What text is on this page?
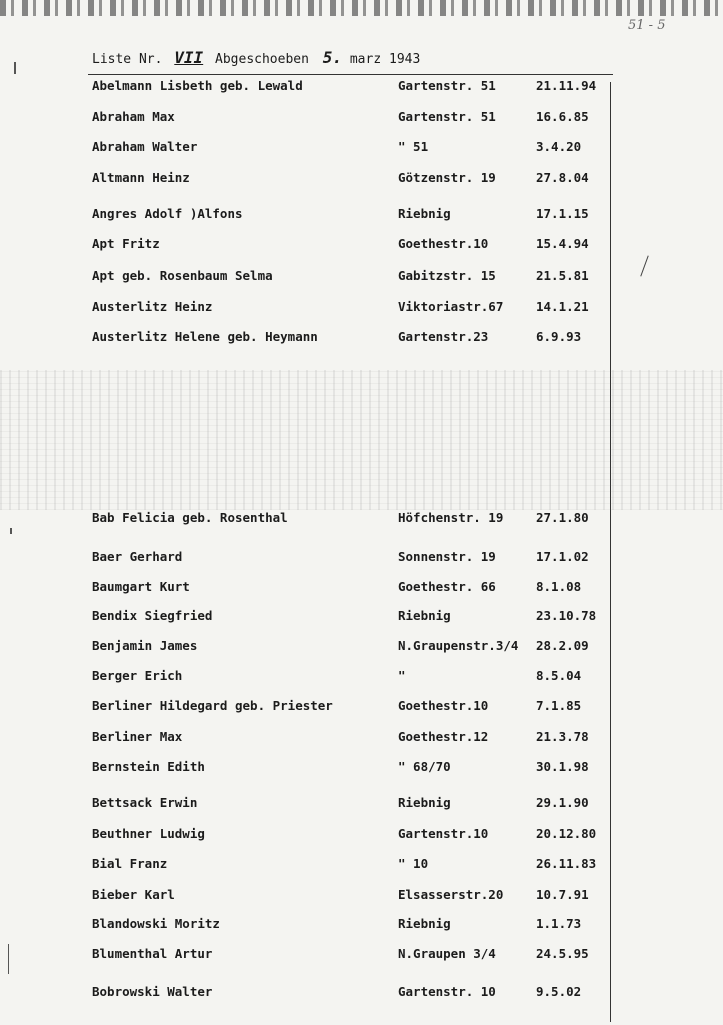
51 - 5
Liste Nr. VII Abgeschoeben 5. marz 1943
Abelmann Lisbeth geb. Lewald	Gartenstr. 51	21.11.94
Abraham Max	Gartenstr. 51	16.6.85
Abraham Walter	" 51	3.4.20
Altmann Heinz	Götzenstr. 19	27.8.04
Angres Adolf )Alfons	Riebnig	17.1.15
Apt Fritz	Goethestr.10	15.4.94
Apt geb. Rosenbaum Selma	Gabitzstr. 15	21.5.81
Austerlitz Heinz	Viktoriastr.67	14.1.21
Austerlitz Helene geb. Heymann	Gartenstr.23	6.9.93
Bab Felicia geb. Rosenthal	Höfchenstr. 19	27.1.80
Baer Gerhard	Sonnenstr. 19	17.1.02
Baumgart Kurt	Goethestr. 66	8.1.08
Bendix Siegfried	Riebnig	23.10.78
Benjamin James	N.Graupenstr.3/4 28.2.09
Berger Erich	"	8.5.04
Berliner Hildegard geb. Priester	Goethestr.10	7.1.85
Berliner Max	Goethestr.12	21.3.78
Bernstein Edith	" 68/70	30.1.98
Bettsack Erwin	Riebnig	29.1.90
Beuthner Ludwig	Gartenstr.10	20.12.80
Bial Franz	" 10	26.11.83
Bieber Karl	Elsasserstr.20	10.7.91
Blandowski Moritz	Riebnig	1.1.73
Blumenthal Artur	N.Graupen 3/4	24.5.95
Bobrowski Walter	Gartenstr. 10	9.5.02
